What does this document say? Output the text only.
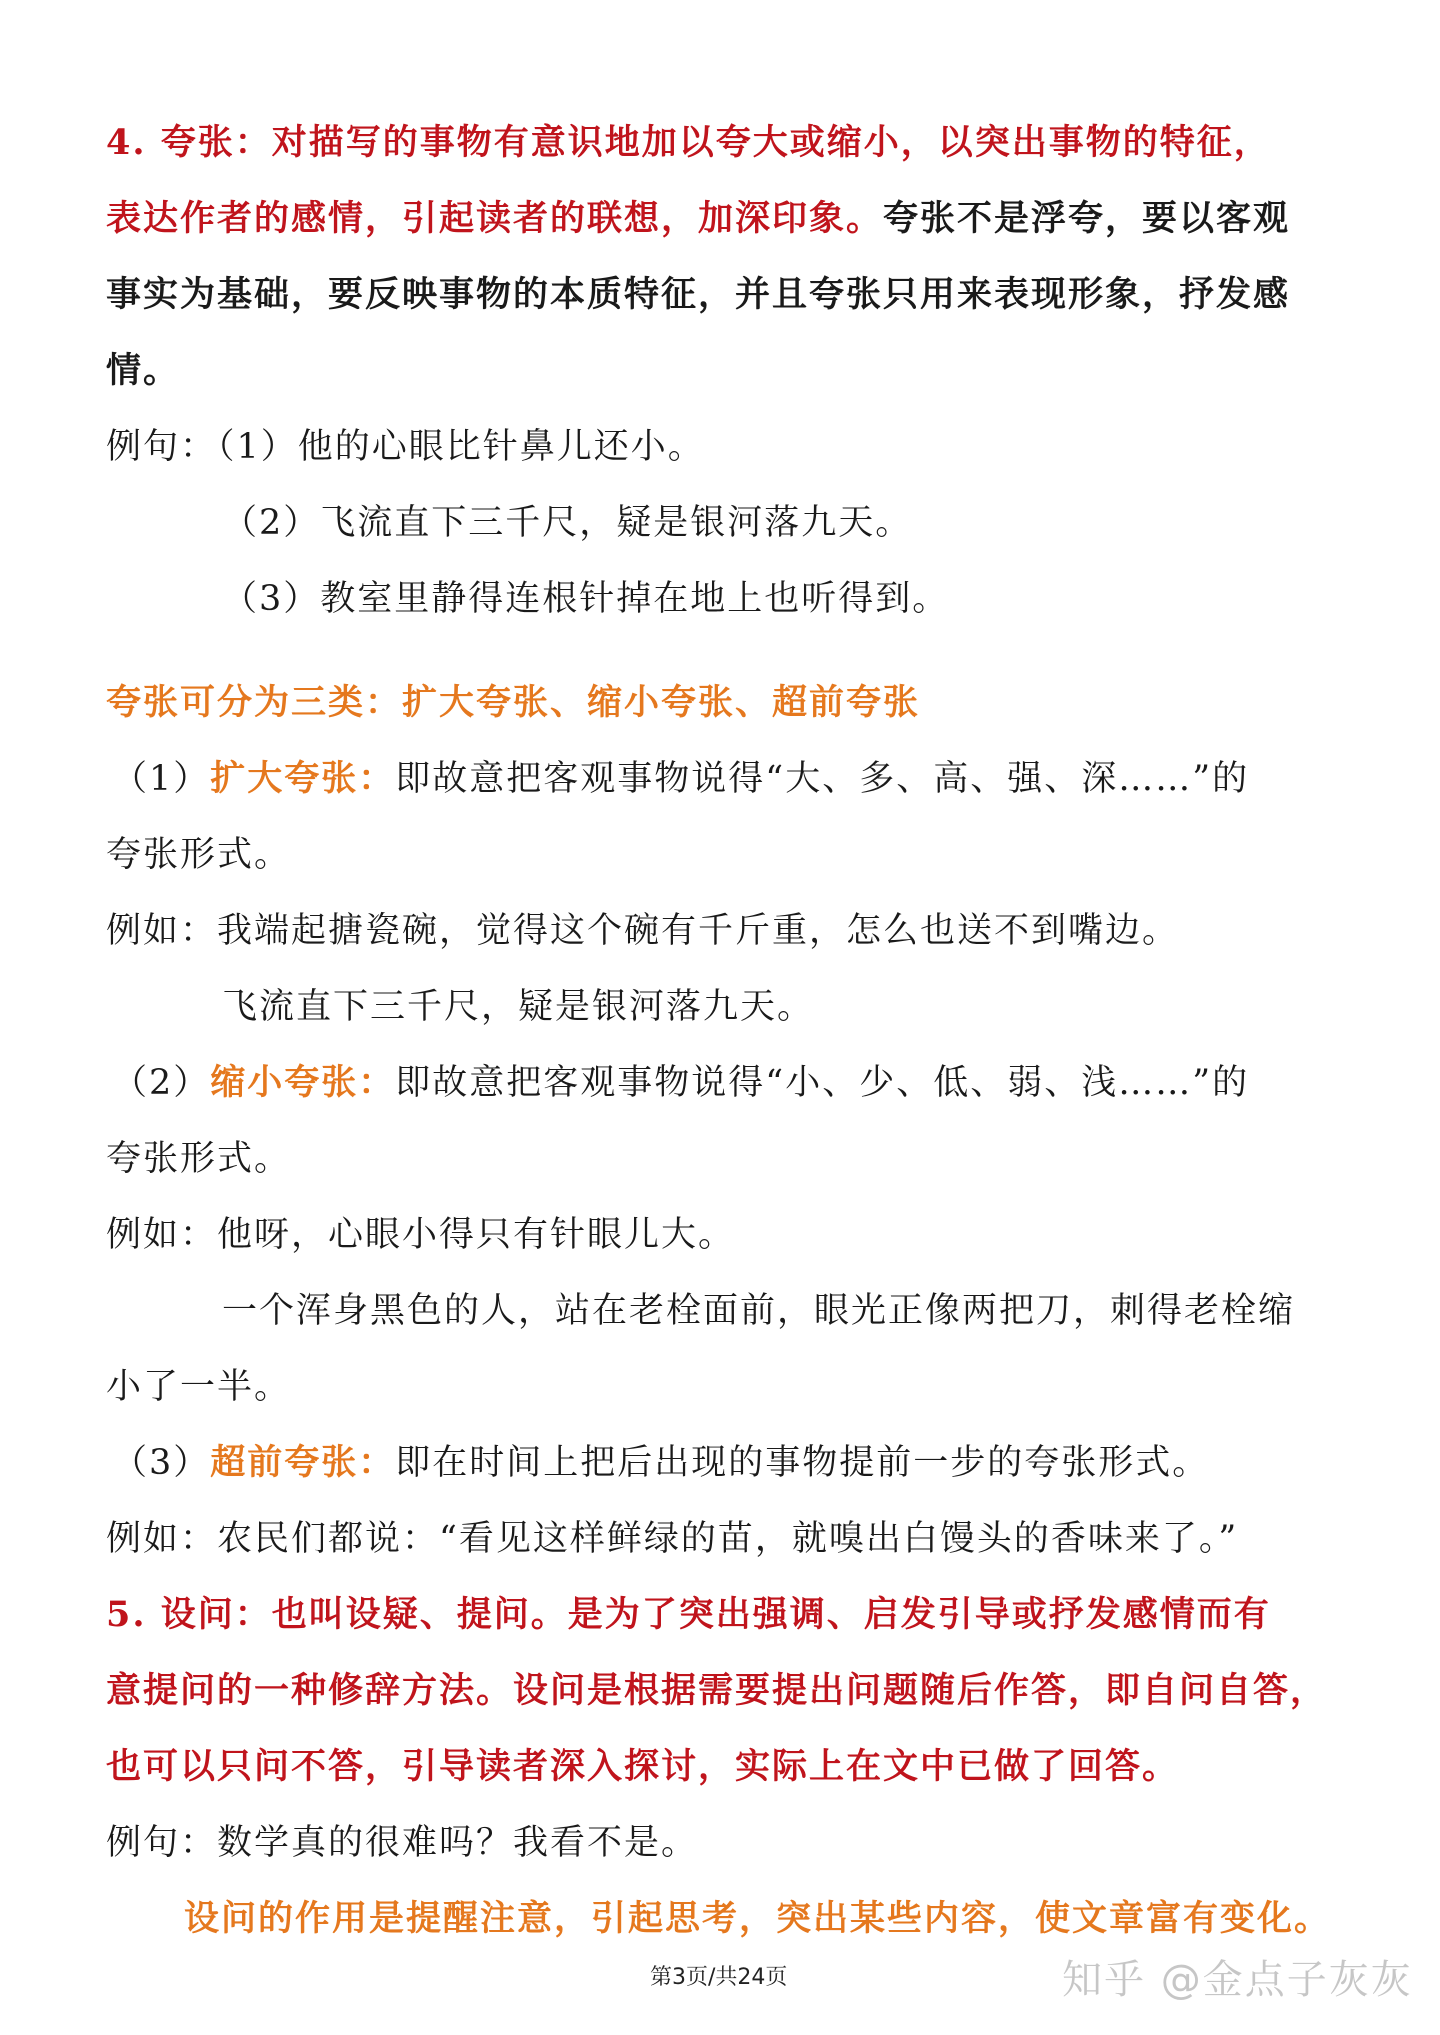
4. 夸张：对描写的事物有意识地加以夸大或缩小，以突出事物的特征，
表达作者的感情，引起读者的联想，加深印象。夸张不是浮夸，要以客观
事实为基础，要反映事物的本质特征，并且夸张只用来表现形象，抒发感
情。
例句：（1）他的心眼比针鼻儿还小。
（2）飞流直下三千尺，疑是银河落九天。
（3）教室里静得连根针掉在地上也听得到。
夸张可分为三类：扩大夸张、缩小夸张、超前夸张
（1）扩大夸张：即故意把客观事物说得“大、多、高、强、深……”的
夸张形式。
例如：我端起搪瓷碗，觉得这个碗有千斤重，怎么也送不到嘴边。
飞流直下三千尺，疑是银河落九天。
（2）缩小夸张：即故意把客观事物说得“小、少、低、弱、浅……”的
夸张形式。
例如：他呀，心眼小得只有针眼儿大。
一个浑身黑色的人，站在老栓面前，眼光正像两把刀，刺得老栓缩
小了一半。
（3）超前夸张：即在时间上把后出现的事物提前一步的夸张形式。
例如：农民们都说：“看见这样鲜绿的苗，就嗅出白馒头的香味来了。”
5. 设问：也叫设疑、提问。是为了突出强调、启发引导或抒发感情而有
意提问的一种修辞方法。设问是根据需要提出问题随后作答，即自问自答，
也可以只问不答，引导读者深入探讨，实际上在文中已做了回答。
例句：数学真的很难吗？我看不是。
设问的作用是提醒注意，引起思考，突出某些内容，使文章富有变化。
第3页/共24页	知乎 @金点子灰灰
